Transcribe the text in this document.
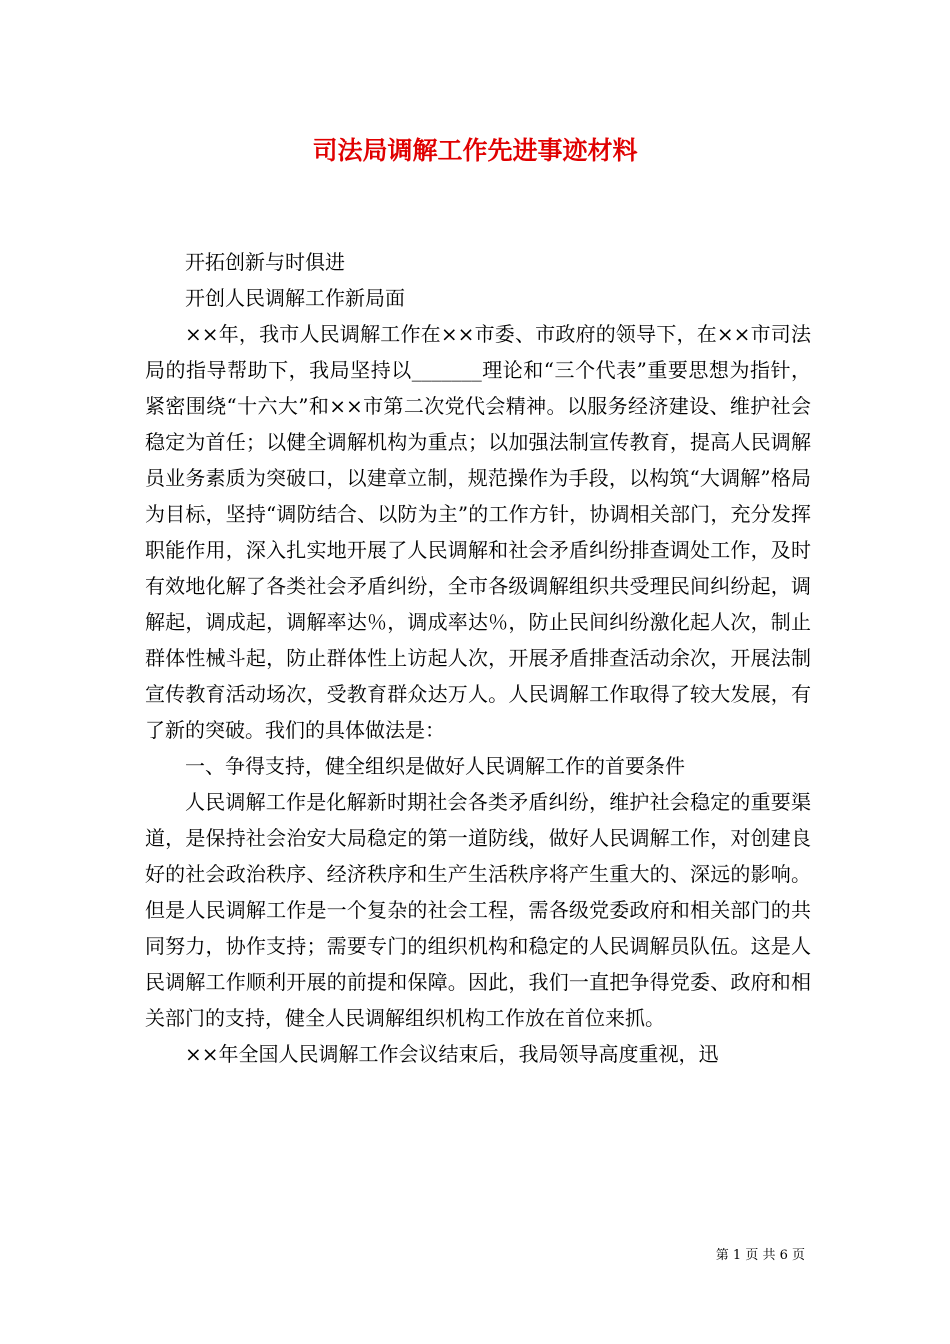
司法局调解工作先进事迹材料

开拓创新与时俱进

开创人民调解工作新局面

××年，我市人民调解工作在××市委、市政府的领导下，在××市司法局的指导帮助下，我局坚持以_______理论和“三个代表”重要思想为指针，紧密围绕“十六大”和××市第二次党代会精神。以服务经济建设、维护社会稳定为首任；以健全调解机构为重点；以加强法制宣传教育，提高人民调解员业务素质为突破口，以建章立制，规范操作为手段，以构筑“大调解”格局为目标，坚持“调防结合、以防为主”的工作方针，协调相关部门，充分发挥职能作用，深入扎实地开展了人民调解和社会矛盾纠纷排查调处工作，及时有效地化解了各类社会矛盾纠纷，全市各级调解组织共受理民间纠纷起，调解起，调成起，调解率达％，调成率达％，防止民间纠纷激化起人次，制止群体性械斗起，防止群体性上访起人次，开展矛盾排查活动余次，开展法制宣传教育活动场次，受教育群众达万人。人民调解工作取得了较大发展，有了新的突破。我们的具体做法是：

一、争得支持，健全组织是做好人民调解工作的首要条件

人民调解工作是化解新时期社会各类矛盾纠纷，维护社会稳定的重要渠道，是保持社会治安大局稳定的第一道防线，做好人民调解工作，对创建良好的社会政治秩序、经济秩序和生产生活秩序将产生重大的、深远的影响。但是人民调解工作是一个复杂的社会工程，需各级党委政府和相关部门的共同努力，协作支持；需要专门的组织机构和稳定的人民调解员队伍。这是人民调解工作顺利开展的前提和保障。因此，我们一直把争得党委、政府和相关部门的支持，健全人民调解组织机构工作放在首位来抓。

××年全国人民调解工作会议结束后，我局领导高度重视，迅

第 1 页 共 6 页
